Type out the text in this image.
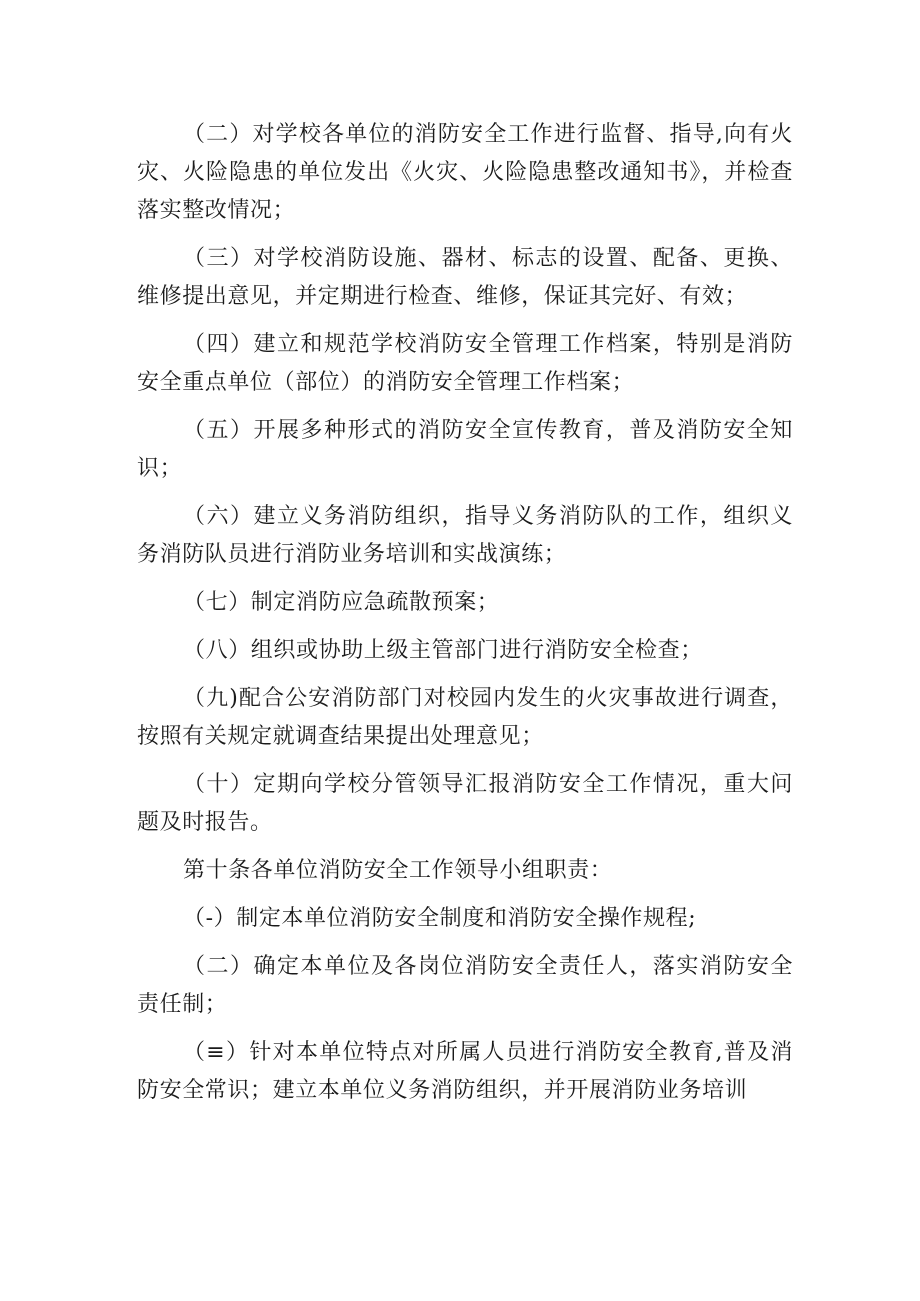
（二）对学校各单位的消防安全工作进行监督、指导,向有火灾、火险隐患的单位发出《火灾、火险隐患整改通知书》，并检查落实整改情况；

（三）对学校消防设施、器材、标志的设置、配备、更换、维修提出意见，并定期进行检查、维修，保证其完好、有效；

（四）建立和规范学校消防安全管理工作档案，特别是消防安全重点单位（部位）的消防安全管理工作档案；

（五）开展多种形式的消防安全宣传教育，普及消防安全知识；

（六）建立义务消防组织，指导义务消防队的工作，组织义务消防队员进行消防业务培训和实战演练；

（七）制定消防应急疏散预案；

（八）组织或协助上级主管部门进行消防安全检查；

（九)配合公安消防部门对校园内发生的火灾事故进行调查，按照有关规定就调查结果提出处理意见；

（十）定期向学校分管领导汇报消防安全工作情况，重大问题及时报告。

第十条各单位消防安全工作领导小组职责：

（-）制定本单位消防安全制度和消防安全操作规程;

（二）确定本单位及各岗位消防安全责任人，落实消防安全责任制；

（≡）针对本单位特点对所属人员进行消防安全教育,普及消防安全常识；建立本单位义务消防组织，并开展消防业务培训
